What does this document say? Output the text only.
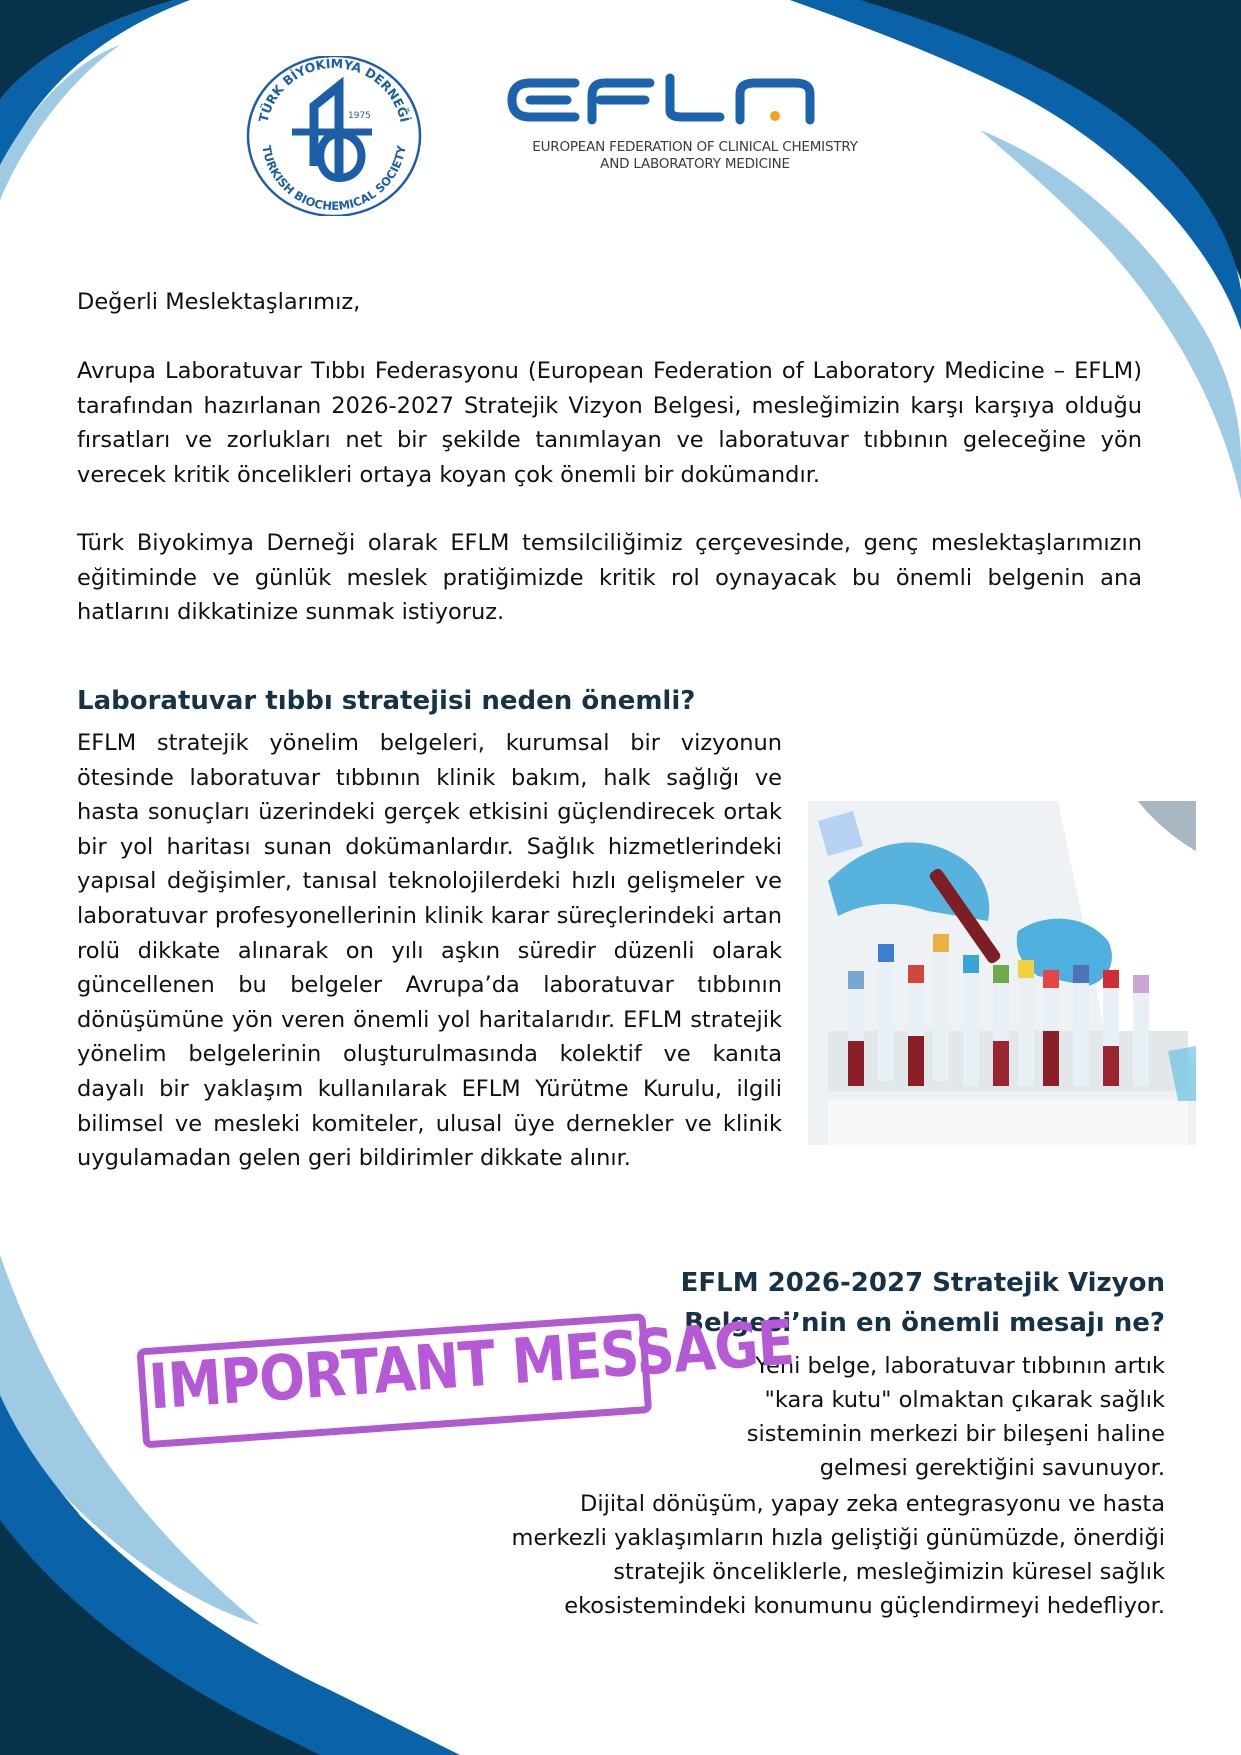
TÜRK BİYOKİMYA DERNEĞİ
TURKISH BIOCHEMICAL SOCIETY
1975
EUROPEAN FEDERATION OF CLINICAL CHEMISTRY
AND LABORATORY MEDICINE
Değerli Meslektaşlarımız,
Avrupa Laboratuvar Tıbbı Federasyonu (European Federation of Laboratory Medicine – EFLM) tarafından hazırlanan 2026-2027 Stratejik Vizyon Belgesi, mesleğimizin karşı karşıya olduğu fırsatları ve zorlukları net bir şekilde tanımlayan ve laboratuvar tıbbının geleceğine yön verecek kritik öncelikleri ortaya koyan çok önemli bir dokümandır.
Türk Biyokimya Derneği olarak EFLM temsilciliğimiz çerçevesinde, genç meslektaşlarımızın eğitiminde ve günlük meslek pratiğimizde kritik rol oynayacak bu önemli belgenin ana hatlarını dikkatinize sunmak istiyoruz.
Laboratuvar tıbbı stratejisi neden önemli?
EFLM stratejik yönelim belgeleri, kurumsal bir vizyonun ötesinde laboratuvar tıbbının klinik bakım, halk sağlığı ve hasta sonuçları üzerindeki gerçek etkisini güçlendirecek ortak bir yol haritası sunan dokümanlardır. Sağlık hizmetlerindeki yapısal değişimler, tanısal teknolojilerdeki hızlı gelişmeler ve laboratuvar profesyonellerinin klinik karar süreçlerindeki artan rolü dikkate alınarak on yılı aşkın süredir düzenli olarak güncellenen bu belgeler Avrupa’da laboratuvar tıbbının dönüşümüne yön veren önemli yol haritalarıdır. EFLM stratejik yönelim belgelerinin oluşturulmasında kolektif ve kanıta dayalı bir yaklaşım kullanılarak EFLM Yürütme Kurulu, ilgili bilimsel ve mesleki komiteler, ulusal üye dernekler ve klinik uygulamadan gelen geri bildirimler dikkate alınır.
EFLM 2026-2027 Stratejik Vizyon
Belgesi’nin en önemli mesajı ne?
Yeni belge, laboratuvar tıbbının artık
"kara kutu" olmaktan çıkarak sağlık
sisteminin merkezi bir bileşeni haline
gelmesi gerektiğini savunuyor.
Dijital dönüşüm, yapay zeka entegrasyonu ve hasta
merkezli yaklaşımların hızla geliştiği günümüzde, önerdiği
stratejik önceliklerle, mesleğimizin küresel sağlık
ekosistemindeki konumunu güçlendirmeyi hedefliyor.
IMPORTANT MESSAGE
